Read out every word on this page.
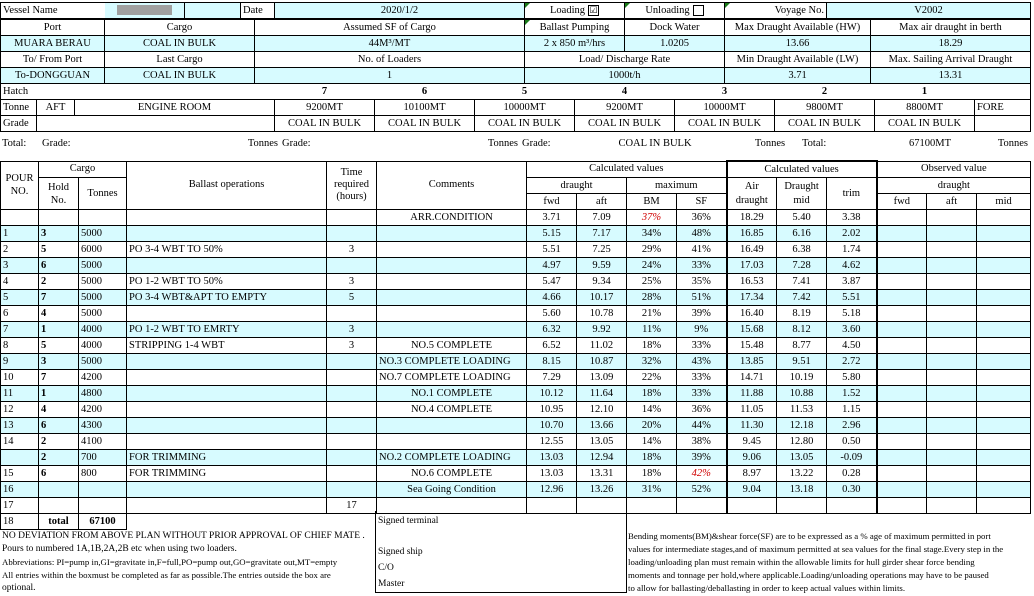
Vessel Name			Date	2020/1/2	Loading ☑	Unloading	Voyage No.	V2002
Port	Cargo	Assumed SF of Cargo	Ballast Pumping	Dock Water	Max Draught Available (HW)	Max air draught in berth
MUARA BERAU	COAL IN BULK	44M³/MT	2 x 850 m³/hrs	1.0205	13.66	18.29
To/ From Port	Last Cargo	No. of Loaders	Load/ Discharge Rate		Min Draught Available (LW)	Max. Sailing Arrival Draught
To-DONGGUAN	COAL IN BULK	1	1000t/h		3.71	13.31
Hatch			7	6	5	4	3	2	1	
Tonne	AFT	ENGINE ROOM	9200MT	10100MT	10000MT	9200MT	10000MT	9800MT	8800MT	FORE
Grade			COAL IN BULK	COAL IN BULK	COAL IN BULK	COAL IN BULK	COAL IN BULK	COAL IN BULK	COAL IN BULK	
Total:	Grade:	Tonnes	Grade:	Tonnes	Grade:	COAL IN BULK	Tonnes	Total:	67100MT	Tonnes
POUR NO.	Cargo		Ballast operations	Time required (hours)	Comments	Calculated values				Calculated values			Observed value		
	Hold No.	Tonnes				draught		maximum		Air draught	Draught mid	trim	draught		
						fwd	aft	BM	SF				fwd	aft	mid
					ARR.CONDITION	3.71	7.09	37%	36%	18.29	5.40	3.38			
1	3	5000				5.15	7.17	34%	48%	16.85	6.16	2.02			
2	5	6000	PO 3-4 WBT TO 50%	3		5.51	7.25	29%	41%	16.49	6.38	1.74			
3	6	5000				4.97	9.59	24%	33%	17.03	7.28	4.62			
4	2	5000	PO 1-2 WBT TO 50%	3		5.47	9.34	25%	35%	16.53	7.41	3.87			
5	7	5000	PO 3-4 WBT&APT TO EMPTY	5		4.66	10.17	28%	51%	17.34	7.42	5.51			
6	4	5000				5.60	10.78	21%	39%	16.40	8.19	5.18			
7	1	4000	PO 1-2 WBT TO EMRTY	3		6.32	9.92	11%	9%	15.68	8.12	3.60			
8	5	4000	STRIPPING 1-4 WBT	3	NO.5 COMPLETE	6.52	11.02	18%	33%	15.48	8.77	4.50			
9	3	5000			NO.3 COMPLETE LOADING	8.15	10.87	32%	43%	13.85	9.51	2.72			
10	7	4200			NO.7 COMPLETE LOADING	7.29	13.09	22%	33%	14.71	10.19	5.80			
11	1	4800			NO.1 COMPLETE	10.12	11.64	18%	33%	11.88	10.88	1.52			
12	4	4200			NO.4 COMPLETE	10.95	12.10	14%	36%	11.05	11.53	1.15			
13	6	4300				10.70	13.66	20%	44%	11.30	12.18	2.96			
14	2	4100				12.55	13.05	14%	38%	9.45	12.80	0.50			
	2	700	FOR TRIMMING		NO.2 COMPLETE LOADING	13.03	12.94	18%	39%	9.06	13.05	-0.09			
15	6	800	FOR TRIMMING		NO.6 COMPLETE	13.03	13.31	18%	42%	8.97	13.22	0.28			
16					Sea Going Condition	12.96	13.26	31%	52%	9.04	13.18	0.30			
17				17											
18	total	67100													
NO DEVIATION FROM ABOVE PLAN WITHOUT PRIOR APPROVAL OF CHIEF MATE .
Pours to numbered 1A,1B,2A,2B etc when using two loaders.
Abbreviations: PI=pump in,GI=gravitate in,F=full,PO=pump out,GO=gravitate out,MT=empty
All entries within the boxmust be completed as far as possible.The entries outside the box are
optional.
Signed terminal
Signed ship
C/O
Master
Bending moments(BM)&shear force(SF) are to be expressed as a % age of maximum permitted in port
values for intermediate stages,and of maximum permitted at sea values for the final stage.Every step in the
loading/unloading plan must remain within the allowable limits for hull girder shear force bending
moments and tonnage per hold,where applicable.Loading/unloading operations may have to be paused
to allow for ballasting/deballasting in order to keep actual values within limits.
